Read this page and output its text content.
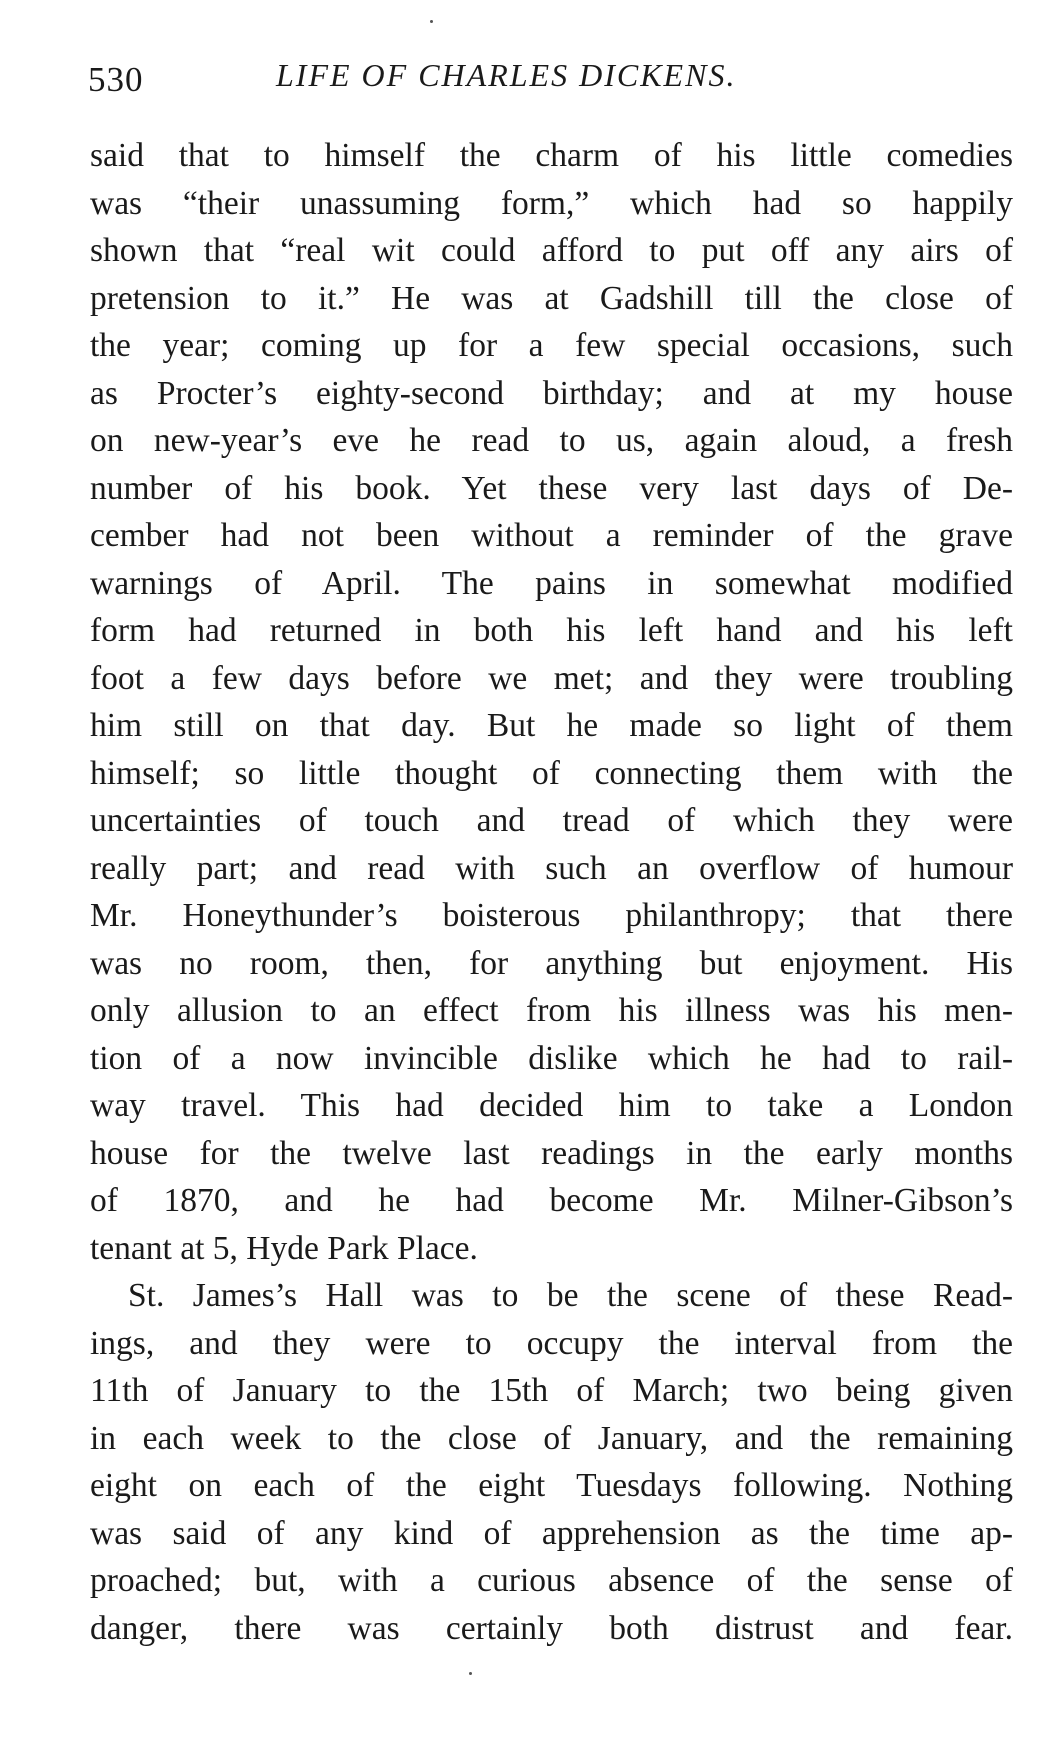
530	LIFE OF CHARLES DICKENS.
said that to himself the charm of his little comedies
was “their unassuming form,” which had so happily
shown that “real wit could afford to put off any airs of
pretension to it.” He was at Gadshill till the close of
the year; coming up for a few special occasions, such
as Procter’s eighty-second birthday; and at my house
on new-year’s eve he read to us, again aloud, a fresh
number of his book. Yet these very last days of De-
cember had not been without a reminder of the grave
warnings of April. The pains in somewhat modified
form had returned in both his left hand and his left
foot a few days before we met; and they were troubling
him still on that day. But he made so light of them
himself; so little thought of connecting them with the
uncertainties of touch and tread of which they were
really part; and read with such an overflow of humour
Mr. Honeythunder’s boisterous philanthropy; that there
was no room, then, for anything but enjoyment. His
only allusion to an effect from his illness was his men-
tion of a now invincible dislike which he had to rail-
way travel. This had decided him to take a London
house for the twelve last readings in the early months
of 1870, and he had become Mr. Milner-Gibson’s
tenant at 5, Hyde Park Place.
St. James’s Hall was to be the scene of these Read-
ings, and they were to occupy the interval from the
11th of January to the 15th of March; two being given
in each week to the close of January, and the remaining
eight on each of the eight Tuesdays following. Nothing
was said of any kind of apprehension as the time ap-
proached; but, with a curious absence of the sense of
danger, there was certainly both distrust and fear.
